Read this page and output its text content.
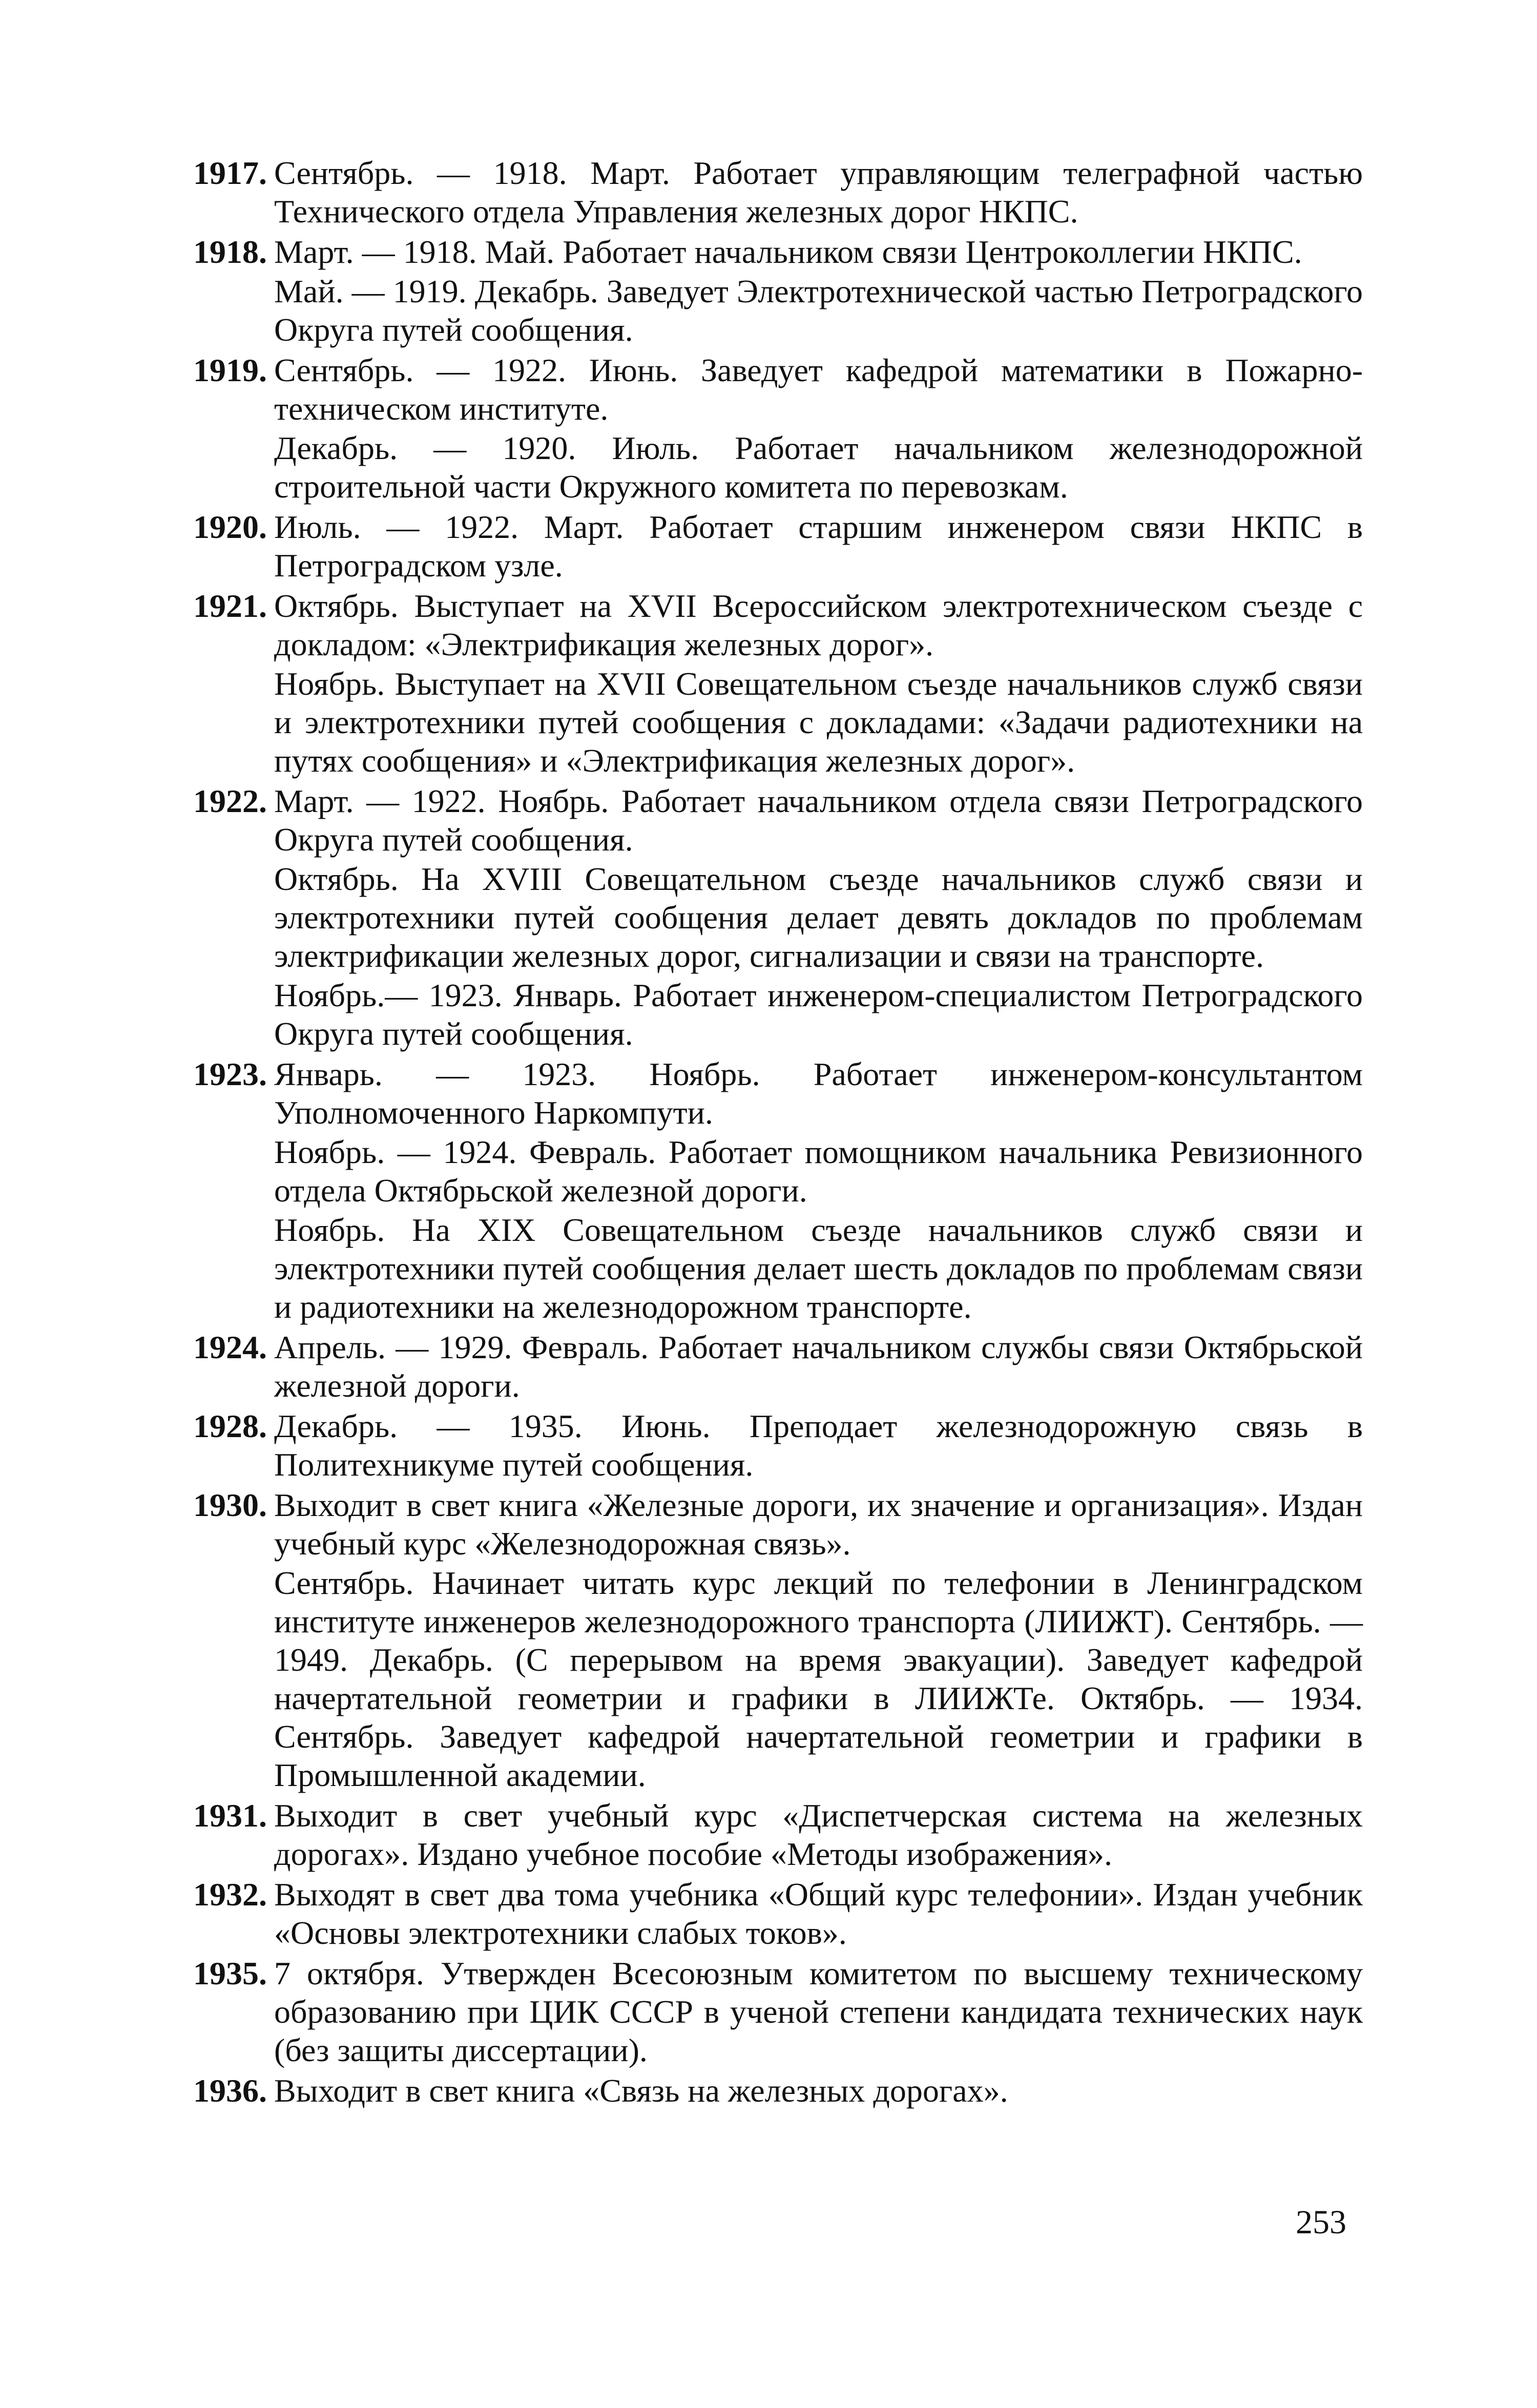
1917. Сентябрь. — 1918. Март. Работает управляющим телеграфной частью Технического отдела Управления железных дорог НКПС.

1918. Март. — 1918. Май. Работает начальником связи Центроколлегии НКПС.

Май. — 1919. Декабрь. Заведует Электротехнической частью Петроградского Округа путей сообщения.

1919. Сентябрь. — 1922. Июнь. Заведует кафедрой математики в Пожарно-техническом институте.

Декабрь. — 1920. Июль. Работает начальником железнодорожной строительной части Окружного комитета по перевозкам.

1920. Июль. — 1922. Март. Работает старшим инженером связи НКПС в Петроградском узле.

1921. Октябрь. Выступает на XVII Всероссийском электротехническом съезде с докладом: «Электрификация железных дорог».

Ноябрь. Выступает на XVII Совещательном съезде начальников служб связи и электротехники путей сообщения с докладами: «Задачи радиотехники на путях сообщения» и «Электрификация железных дорог».

1922. Март. — 1922. Ноябрь. Работает начальником отдела связи Петроградского Округа путей сообщения.

Октябрь. На XVIII Совещательном съезде начальников служб связи и электротехники путей сообщения делает девять докладов по проблемам электрификации железных дорог, сигнализации и связи на транспорте.

Ноябрь.— 1923. Январь. Работает инженером-специалистом Петроградского Округа путей сообщения.

1923. Январь. — 1923. Ноябрь. Работает инженером-консультантом Уполномоченного Наркомпути.

Ноябрь. — 1924. Февраль. Работает помощником начальника Ревизионного отдела Октябрьской железной дороги.

Ноябрь. На XIX Совещательном съезде начальников служб связи и электротехники путей сообщения делает шесть докладов по проблемам связи и радиотехники на железнодорожном транспорте.

1924. Апрель. — 1929. Февраль. Работает начальником службы связи Октябрьской железной дороги.

1928. Декабрь. — 1935. Июнь. Преподает железнодорожную связь в Политехникуме путей сообщения.

1930. Выходит в свет книга «Железные дороги, их значение и организация». Издан учебный курс «Железнодорожная связь».

Сентябрь. Начинает читать курс лекций по телефонии в Ленинградском институте инженеров железнодорожного транспорта (ЛИИЖТ). Сентябрь. — 1949. Декабрь. (С перерывом на время эвакуации). Заведует кафедрой начертательной геометрии и графики в ЛИИЖТе. Октябрь. — 1934. Сентябрь. Заведует кафедрой начертательной геометрии и графики в Промышленной академии.

1931. Выходит в свет учебный курс «Диспетчерская система на железных дорогах». Издано учебное пособие «Методы изображения».

1932. Выходят в свет два тома учебника «Общий курс телефонии». Издан учебник «Основы электротехники слабых токов».

1935. 7 октября. Утвержден Всесоюзным комитетом по высшему техническому образованию при ЦИК СССР в ученой степени кандидата технических наук (без защиты диссертации).

1936. Выходит в свет книга «Связь на железных дорогах».

253
